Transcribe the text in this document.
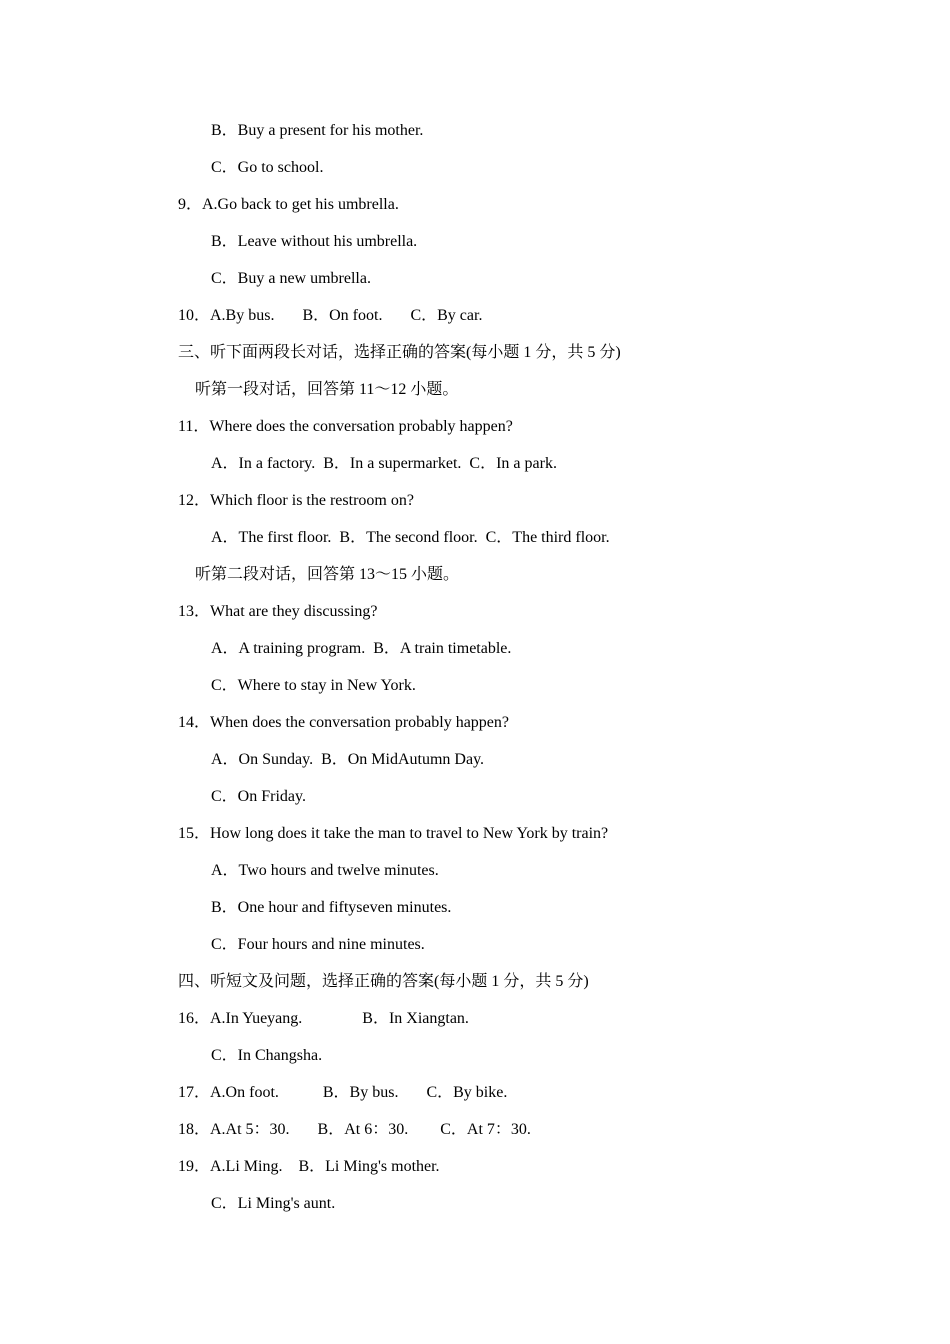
B．Buy a present for his mother.
C．Go to school.
9．A.Go back to get his umbrella.
B．Leave without his umbrella.
C．Buy a new umbrella.
10．A.By bus.       B．On foot.       C．By car.
三、听下面两段长对话，选择正确的答案(每小题 1 分，共 5 分)
听第一段对话，回答第 11～12 小题。
11．Where does the conversation probably happen?
A．In a factory.  B．In a supermarket.  C．In a park.
12．Which floor is the restroom on?
A．The first floor.  B．The second floor.  C．The third floor.
听第二段对话，回答第 13～15 小题。
13．What are they discussing?
A．A training program.  B．A train timetable.
C．Where to stay in New York.
14．When does the conversation probably happen?
A．On Sunday.  B．On MidAutumn Day.
C．On Friday.
15．How long does it take the man to travel to New York by train?
A．Two hours and twelve minutes.
B．One hour and fiftyseven minutes.
C．Four hours and nine minutes.
四、听短文及问题，选择正确的答案(每小题 1 分，共 5 分)
16．A.In Yueyang.               B．In Xiangtan.
C．In Changsha.
17．A.On foot.           B．By bus.       C．By bike.
18．A.At 5：30.       B．At 6：30.        C．At 7：30.
19．A.Li Ming.    B．Li Ming's mother.
C．Li Ming's aunt.
